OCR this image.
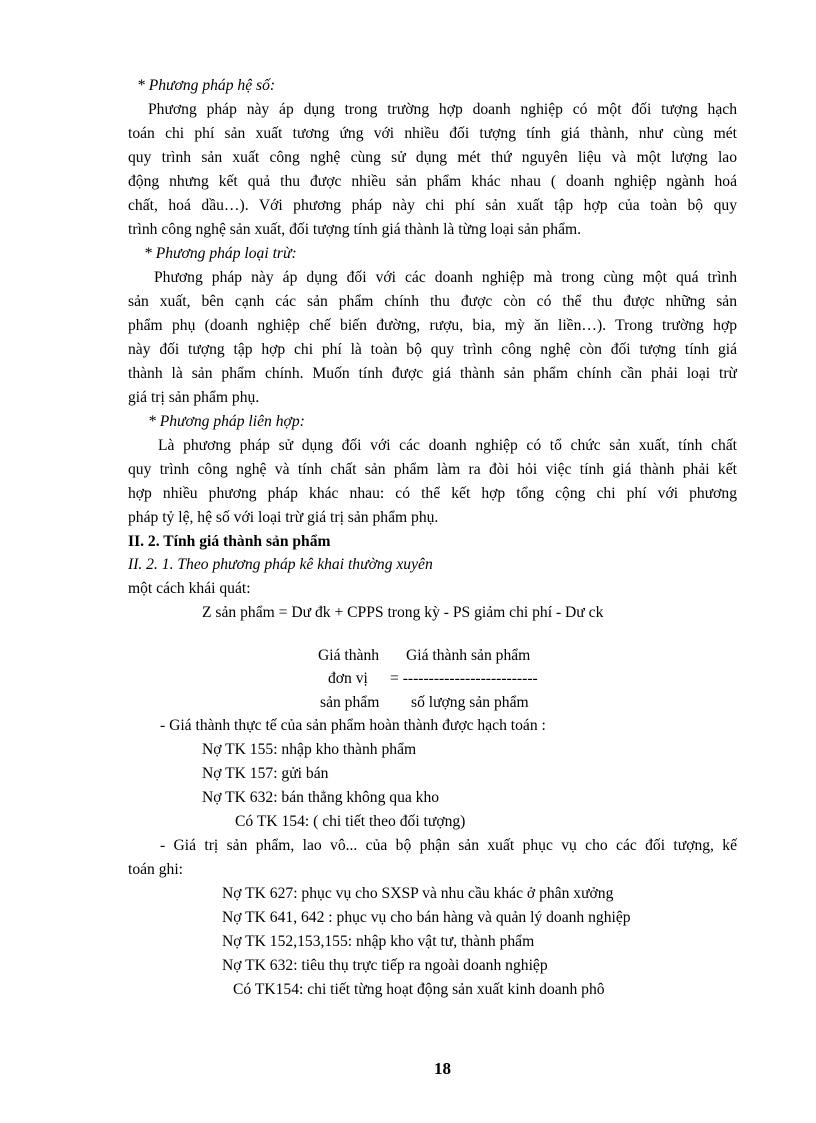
* Phương pháp hệ số:

Phương pháp này áp dụng trong trường hợp doanh nghiệp có một đối tượng hạch

toán chi phí sản xuất tương ứng với nhiều đối tượng tính giá thành, như cùng mét

quy trình sản xuất công nghệ cùng sử dụng mét thứ nguyên liệu và một lượng lao

động nhưng kết quả thu được nhiều sản phẩm khác nhau ( doanh nghiệp ngành hoá

chất, hoá dầu…). Với phương pháp này chi phí sản xuất tập hợp của toàn bộ quy

trình công nghệ sản xuất, đối tượng tính giá thành là từng loại sản phẩm.

* Phương pháp loại trừ:

Phương pháp này áp dụng đối với các doanh nghiệp mà trong cùng một quá trình

sản xuất, bên cạnh các sản phẩm chính thu được còn có thể thu được những sản

phẩm phụ (doanh nghiệp chế biến đường, rượu, bia, mỳ ăn liền…). Trong trường hợp

này đối tượng tập hợp chi phí là toàn bộ quy trình công nghệ còn đối tượng tính giá

thành là sản phẩm chính. Muốn tính được giá thành sản phẩm chính cần phải loại trừ

giá trị sản phẩm phụ.

* Phương pháp liên hợp:

Là phương pháp sử dụng đối với các doanh nghiệp có tổ chức sản xuất, tính chất

quy trình công nghệ và tính chất sản phẩm làm ra đòi hỏi việc tính giá thành phải kết

hợp nhiều phương pháp khác nhau: có thể kết hợp tổng cộng chi phí với phương

pháp tỷ lệ, hệ số với loại trừ giá trị sản phẩm phụ.

II. 2. Tính giá thành sản phẩm

II. 2. 1. Theo phương pháp kê khai thường xuyên

một cách khái quát:

Z sản phẩm = Dư đk + CPPS trong kỳ - PS giảm chi phí - Dư ck

Giá thành Giá thành sản phẩm

đơn vị = --------------------------

sản phẩm số lượng sản phẩm

- Giá thành thực tế của sản phẩm hoàn thành được hạch toán :

Nợ TK 155: nhập kho thành phẩm

Nợ TK 157: gửi bán

Nợ TK 632: bán thẳng không qua kho

Có TK 154: ( chi tiết theo đối tượng)

- Giá trị sản phẩm, lao vô... của bộ phận sản xuất phục vụ cho các đối tượng, kế

toán ghi:

Nợ TK 627: phục vụ cho SXSP và nhu cầu khác ở phân xưởng

Nợ TK 641, 642 : phục vụ cho bán hàng và quản lý doanh nghiệp

Nợ TK 152,153,155: nhập kho vật tư, thành phẩm

Nợ TK 632: tiêu thụ trực tiếp ra ngoài doanh nghiệp

Có TK154: chi tiết từng hoạt động sản xuất kinh doanh phô

18
